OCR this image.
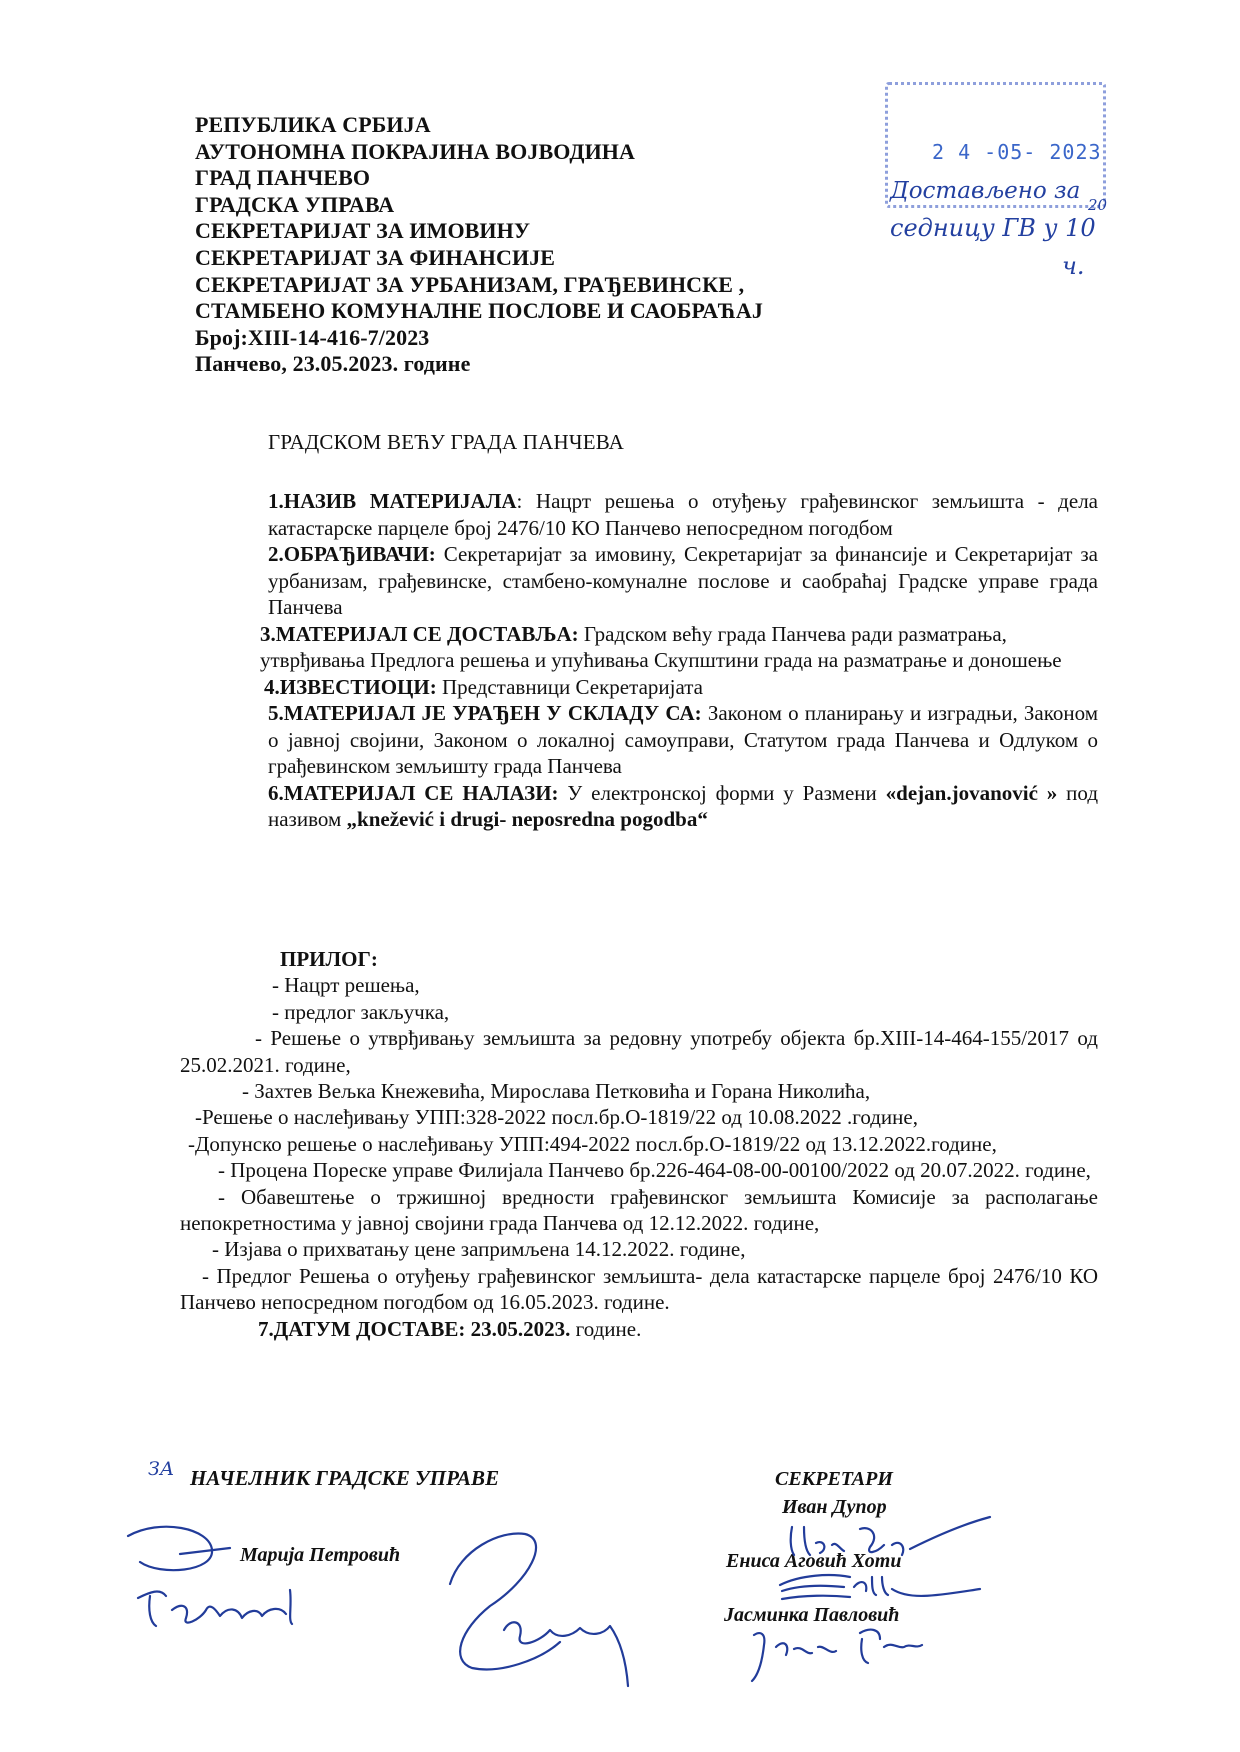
РЕПУБЛИКА СРБИЈА
АУТОНОМНА ПОКРАЈИНА ВОЈВОДИНА
ГРАД ПАНЧЕВО
ГРАДСКА УПРАВА
СЕКРЕТАРИЈАТ ЗА ИМОВИНУ
СЕКРЕТАРИЈАТ ЗА ФИНАНСИЈЕ
СЕКРЕТАРИЈАТ ЗА УРБАНИЗАМ, ГРАЂЕВИНСКЕ ,
СТАМБЕНО КОМУНАЛНЕ ПОСЛОВЕ И САОБРАЋАЈ
Број:XIII-14-416-7/2023
Панчево, 23.05.2023. године
2 4 -05- 2023
Достављено за
седницу ГВ у 10
20
ч.
ГРАДСКОМ ВЕЋУ ГРАДА ПАНЧЕВА

1.НАЗИВ МАТЕРИЈАЛА: Нацрт решења о отуђењу грађевинског земљишта - дела катастарске парцеле број 2476/10 КО Панчево непосредном погодбом

2.ОБРАЂИВАЧИ: Секретаријат за имовину, Секретаријат за финансије и Секретаријат за урбанизам, грађевинске, стамбено-комуналне послове и саобраћај Градске управе града Панчева

3.МАТЕРИЈАЛ СЕ ДОСТАВЉА: Градском већу града Панчева ради разматрања, утврђивања Предлога решења и упућивања Скупштини града на разматрање и доношење

4.ИЗВЕСТИОЦИ: Представници Секретаријата

5.МАТЕРИЈАЛ ЈЕ УРАЂЕН У СКЛАДУ СА: Законом о планирању и изградњи, Законом о јавној својини, Законом о локалној самоуправи, Статутом града Панчева и Одлуком о грађевинском земљишту града Панчева

6.МАТЕРИЈАЛ СЕ НАЛАЗИ: У електронској форми у Размени «dejan.jovanović » под називом „knežević i drugi- neposredna pogodba“

ПРИЛОГ:

- Нацрт решења,

- предлог закључка,

- Решење о утврђивању земљишта за редовну употребу објекта бр.XIII-14-464-155/2017 од 25.02.2021. године,

- Захтев Вељка Кнежевића, Мирослава Петковића и Горана Николића,

-Решење о наслеђивању УПП:328-2022 посл.бр.О-1819/22 од 10.08.2022 .године,

-Допунско решење о наслеђивању УПП:494-2022 посл.бр.О-1819/22 од 13.12.2022.године,

- Процена Пореске управе Филијала Панчево бр.226-464-08-00-00100/2022 од 20.07.2022. године,

- Обавештење о тржишној вредности грађевинског земљишта Комисије за располагање непокретностима у јавној својини града Панчева од 12.12.2022. године,

- Изјава о прихватању цене запримљена 14.12.2022. године,

- Предлог Решења о отуђењу грађевинског земљишта- дела катастарске парцеле број 2476/10 КО Панчево непосредном погодбом од 16.05.2023. године.

7.ДАТУМ ДОСТАВЕ: 23.05.2023. године.

ЗА НАЧЕЛНИК ГРАДСКЕ УПРАВЕ
Марија Петровић
СЕКРЕТАРИ
Иван Дупор
Ениса Аговић Хоти
Јасминка Павловић
